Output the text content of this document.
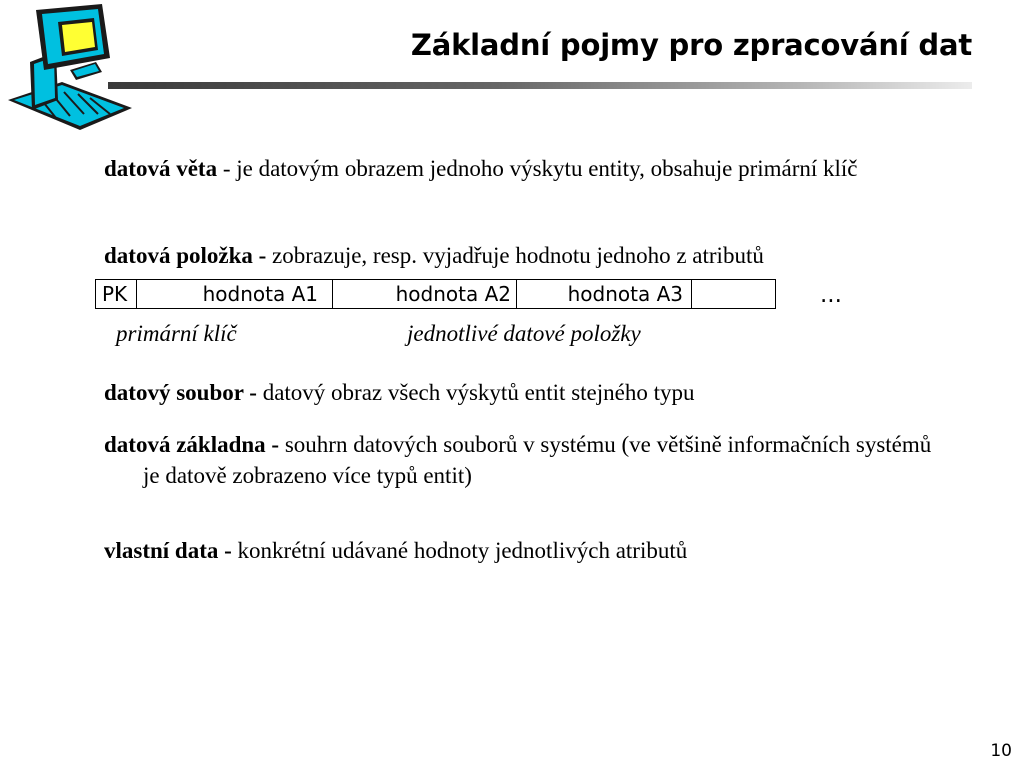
Základní pojmy pro zpracování dat
datová věta - je datovým obrazem jednoho výskytu entity, obsahuje primární klíč
datová položka - zobrazuje, resp. vyjadřuje hodnotu jednoho z atributů
PK	hodnota A1	hodnota A2	hodnota A3	...
primární klíč	jednotlivé datové položky
datový soubor - datový obraz všech výskytů entit stejného typu
datová základna - souhrn datových souborů v systému (ve většině informačních systémů je datově zobrazeno více typů entit)
vlastní data - konkrétní udávané hodnoty jednotlivých atributů
10
